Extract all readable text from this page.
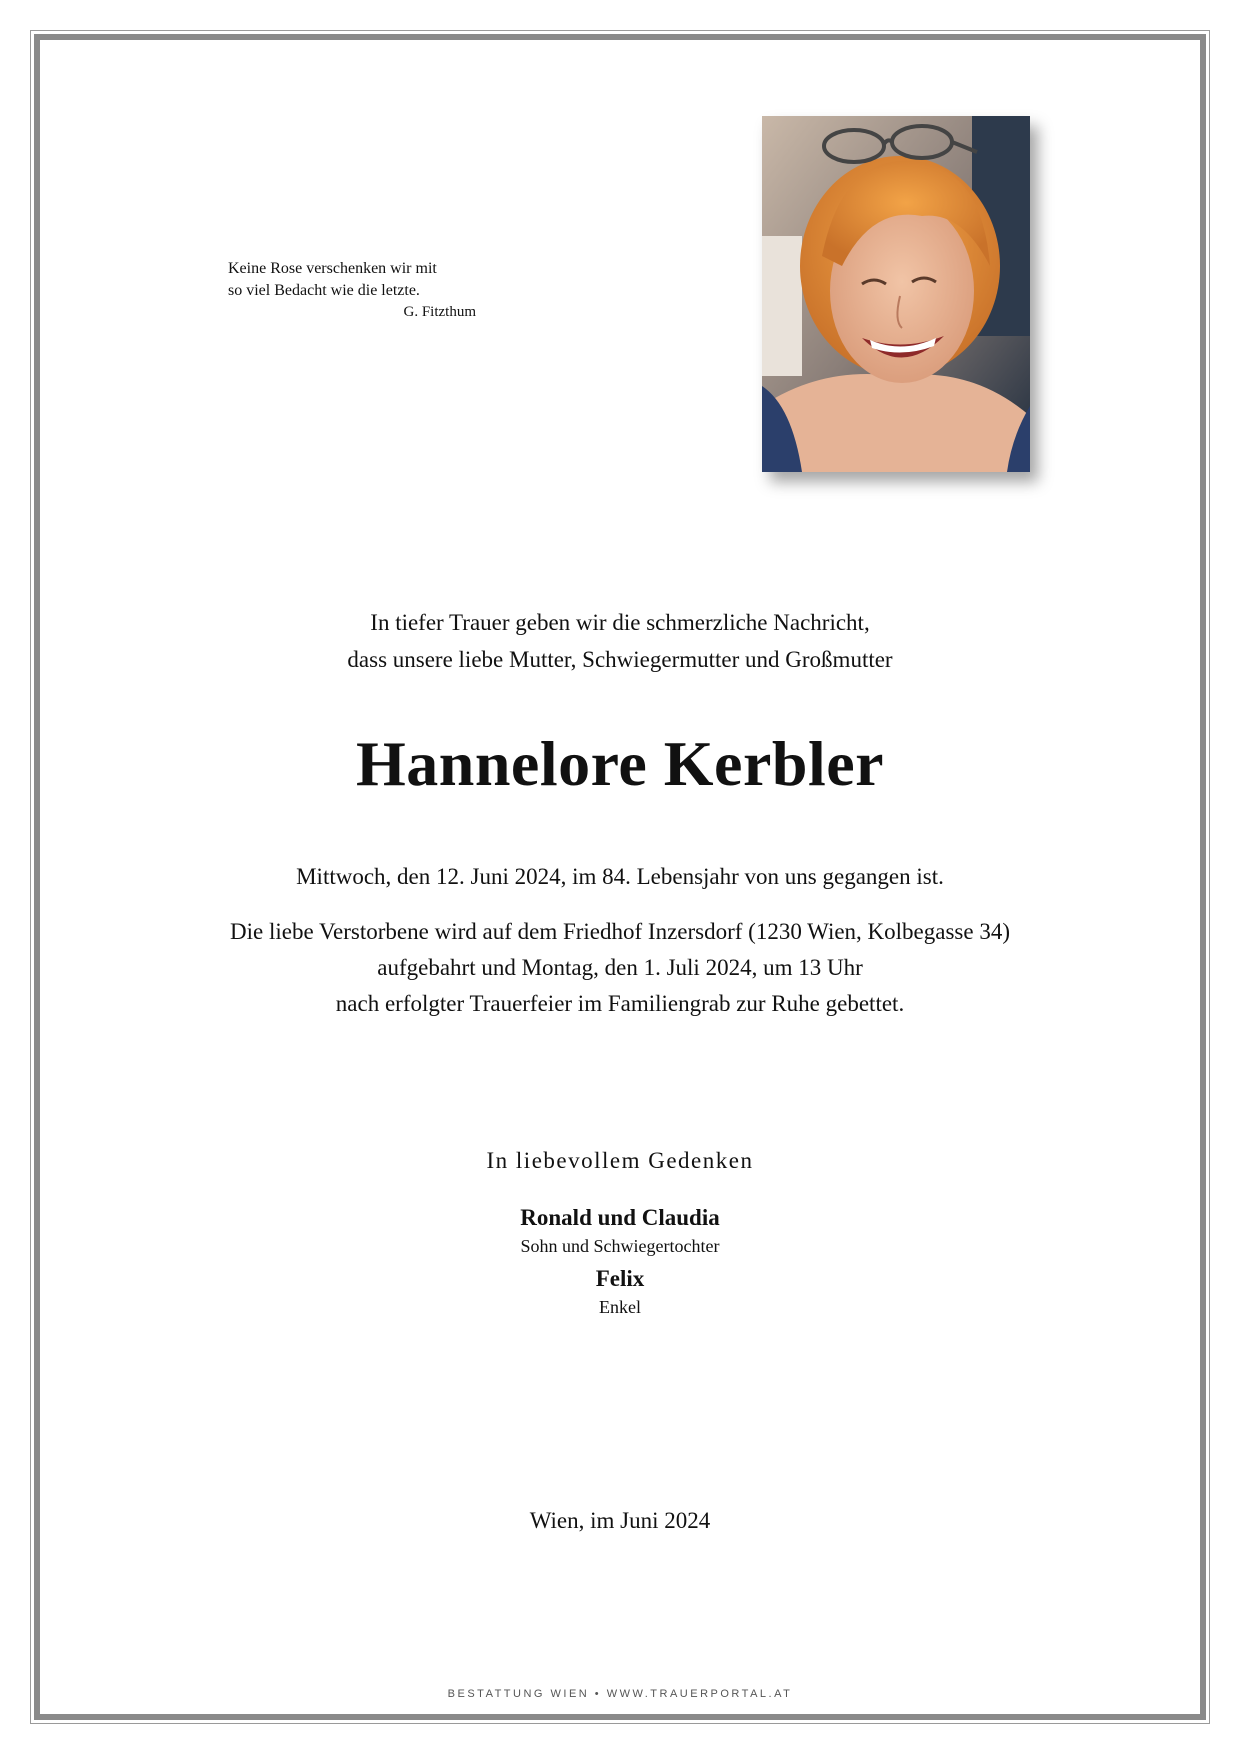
Keine Rose verschenken wir mit
so viel Bedacht wie die letzte.
G. Fitzthum
In tiefer Trauer geben wir die schmerzliche Nachricht,
dass unsere liebe Mutter, Schwiegermutter und Großmutter
Hannelore Kerbler
Mittwoch, den 12. Juni 2024, im 84. Lebensjahr von uns gegangen ist.
Die liebe Verstorbene wird auf dem Friedhof Inzersdorf (1230 Wien, Kolbegasse 34)
aufgebahrt und Montag, den 1. Juli 2024, um 13 Uhr
nach erfolgter Trauerfeier im Familiengrab zur Ruhe gebettet.
In liebevollem Gedenken
Ronald und Claudia
Sohn und Schwiegertochter
Felix
Enkel
Wien, im Juni 2024
BESTATTUNG WIEN • WWW.TRAUERPORTAL.AT
